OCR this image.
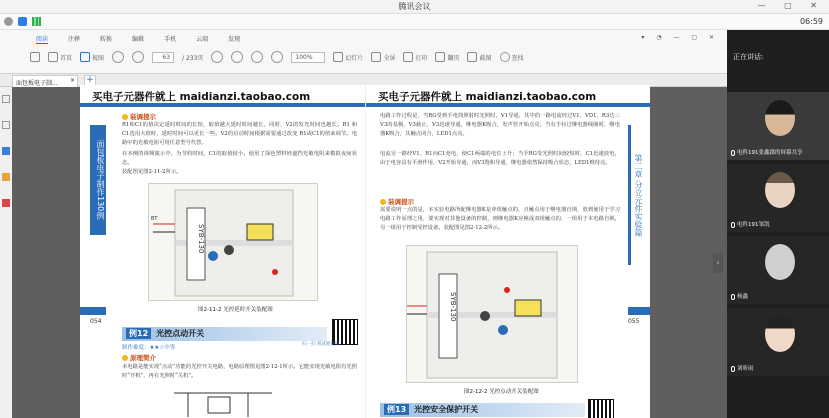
腾讯会议	— ▢ ✕
06:59
阅读	注释	转换	编辑	手机	云端	发现	▾ ◔ — ▢ ✕
首页	视图	63	/ 233页	100%	幻灯片	全屏	打印	翻页	截图	查找
面包板电子制... × +
买电子元器件就上 maidianzi.taobao.com
面包板电子制作130例
装调提示
R1和C1的值决定延时时间的长短，取值越大延时时间越长，同时，V2的发光时间也越长。R1 和 C1选用大值时，延时时间可以更长一些。V2的启动时间根据需要通过改变 R1或C1的值来调节。电路中的光敏电阻可用任意型号代替。
在本例的视频演示中，为节约时间，C1的取值较小。使用了深色塑料轻遮挡光敏电阻来模拟夜间状态。
装配图见图2-11-2所示。
SYB-130
BT
图2-11-2 光控延时开关装配图
054
例12 光控点动开关
制作难度：★★☆中等
扫一扫 看试验效果
原理简介
本电路是能实现“点动”功能的光控开关电路，电路原理图见图2-12-1所示。它能实现光敏电阻有光照时“开机”，再有光照时“关机”。
买电子元器件就上 maidianzi.taobao.com
第二章 分立元件实验篇
电路工作过程是，当RG受到手电筒照射时光照时，V1导通，其中的一路电流经过V1、VD1、R3达三V3的基极，V3截止，V3迅速导通，继电器K吸合，发声管开始点亮，当有手径过继电器线圈时，继电器K吸合，其触点闭合，LED1点亮。
电流另一路经V1、R1向C1充电，使C1两端的电位上升；当手RG受光照时间较短时，C1迅速放电，由于电容具有平滑作用，V2开始导通，而V3饱和导通，继电器依然保持吸合状态，LED1维持亮。
装调提示
需要说明一点的是，本实验电路所配继电器K是单组触点的，且触点用于继电器自锁，放到使用于学习电路工作原理之用，要实现对其他设备的控制，则继电器K应换成双组触点的，一组用于本电路自锁，另一组用于控制受控设备。装配图见图2-12-2所示。
SYB-130
图2-12-2 光控点动开关装配图
055
例13 光控安全保护开关
›
正在讲话:
电科191张鑫郡的屏幕共享
电科191邹凯
杨鑫
刘昕雨
